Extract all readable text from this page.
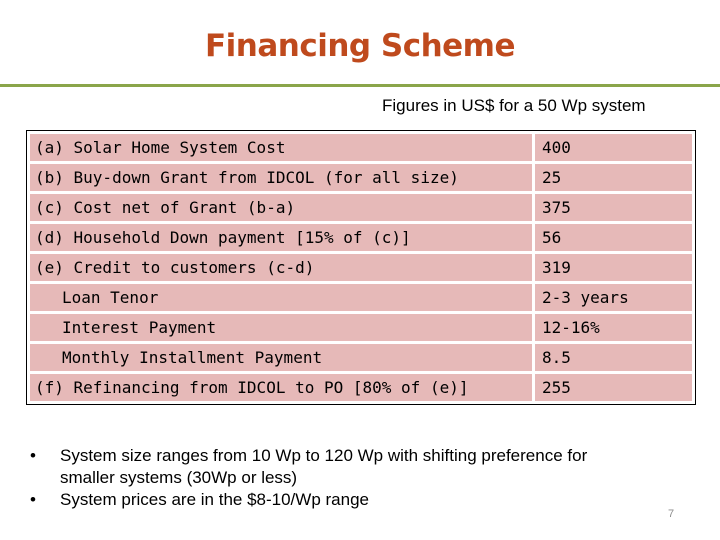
Financing Scheme
Figures in US$ for a 50 Wp system
(a) Solar Home System Cost	400
(b) Buy-down Grant from IDCOL (for all size)	25
(c) Cost net of Grant (b-a)	375
(d) Household Down payment [15% of (c)]	56
(e) Credit to customers (c-d)	319
Loan Tenor	2-3 years
Interest Payment	12-16%
Monthly Installment Payment	8.5
(f) Refinancing from IDCOL to PO [80% of (e)]	255
• System size ranges from 10 Wp to 120 Wp with shifting preference for
smaller systems (30Wp or less)
• System prices are in the $8-10/Wp range
7
